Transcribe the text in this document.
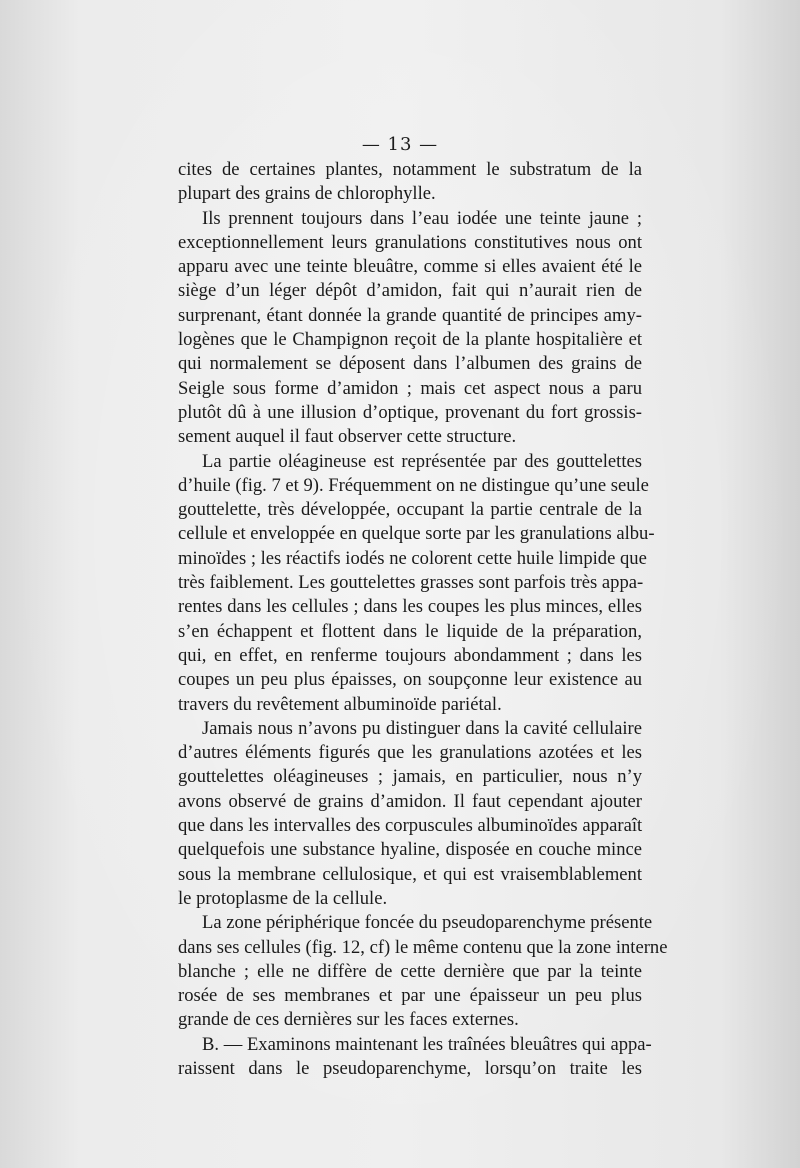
— 13 —
cites de certaines plantes, notamment le substratum de la
plupart des grains de chlorophylle.
Ils prennent toujours dans l’eau iodée une teinte jaune ;
exceptionnellement leurs granulations constitutives nous ont
apparu avec une teinte bleuâtre, comme si elles avaient été le
siège d’un léger dépôt d’amidon, fait qui n’aurait rien de
surprenant, étant donnée la grande quantité de principes amy-
logènes que le Champignon reçoit de la plante hospitalière et
qui normalement se déposent dans l’albumen des grains de
Seigle sous forme d’amidon ; mais cet aspect nous a paru
plutôt dû à une illusion d’optique, provenant du fort grossis-
sement auquel il faut observer cette structure.
La partie oléagineuse est représentée par des gouttelettes
d’huile (fig. 7 et 9). Fréquemment on ne distingue qu’une seule
gouttelette, très développée, occupant la partie centrale de la
cellule et enveloppée en quelque sorte par les granulations albu-
minoïdes ; les réactifs iodés ne colorent cette huile limpide que
très faiblement. Les gouttelettes grasses sont parfois très appa-
rentes dans les cellules ; dans les coupes les plus minces, elles
s’en échappent et flottent dans le liquide de la préparation,
qui, en effet, en renferme toujours abondamment ; dans les
coupes un peu plus épaisses, on soupçonne leur existence au
travers du revêtement albuminoïde pariétal.
Jamais nous n’avons pu distinguer dans la cavité cellulaire
d’autres éléments figurés que les granulations azotées et les
gouttelettes oléagineuses ; jamais, en particulier, nous n’y
avons observé de grains d’amidon. Il faut cependant ajouter
que dans les intervalles des corpuscules albuminoïdes apparaît
quelquefois une substance hyaline, disposée en couche mince
sous la membrane cellulosique, et qui est vraisemblablement
le protoplasme de la cellule.
La zone périphérique foncée du pseudoparenchyme présente
dans ses cellules (fig. 12, cf) le même contenu que la zone interne
blanche ; elle ne diffère de cette dernière que par la teinte
rosée de ses membranes et par une épaisseur un peu plus
grande de ces dernières sur les faces externes.
B. — Examinons maintenant les traînées bleuâtres qui appa-
raissent dans le pseudoparenchyme, lorsqu’on traite les
